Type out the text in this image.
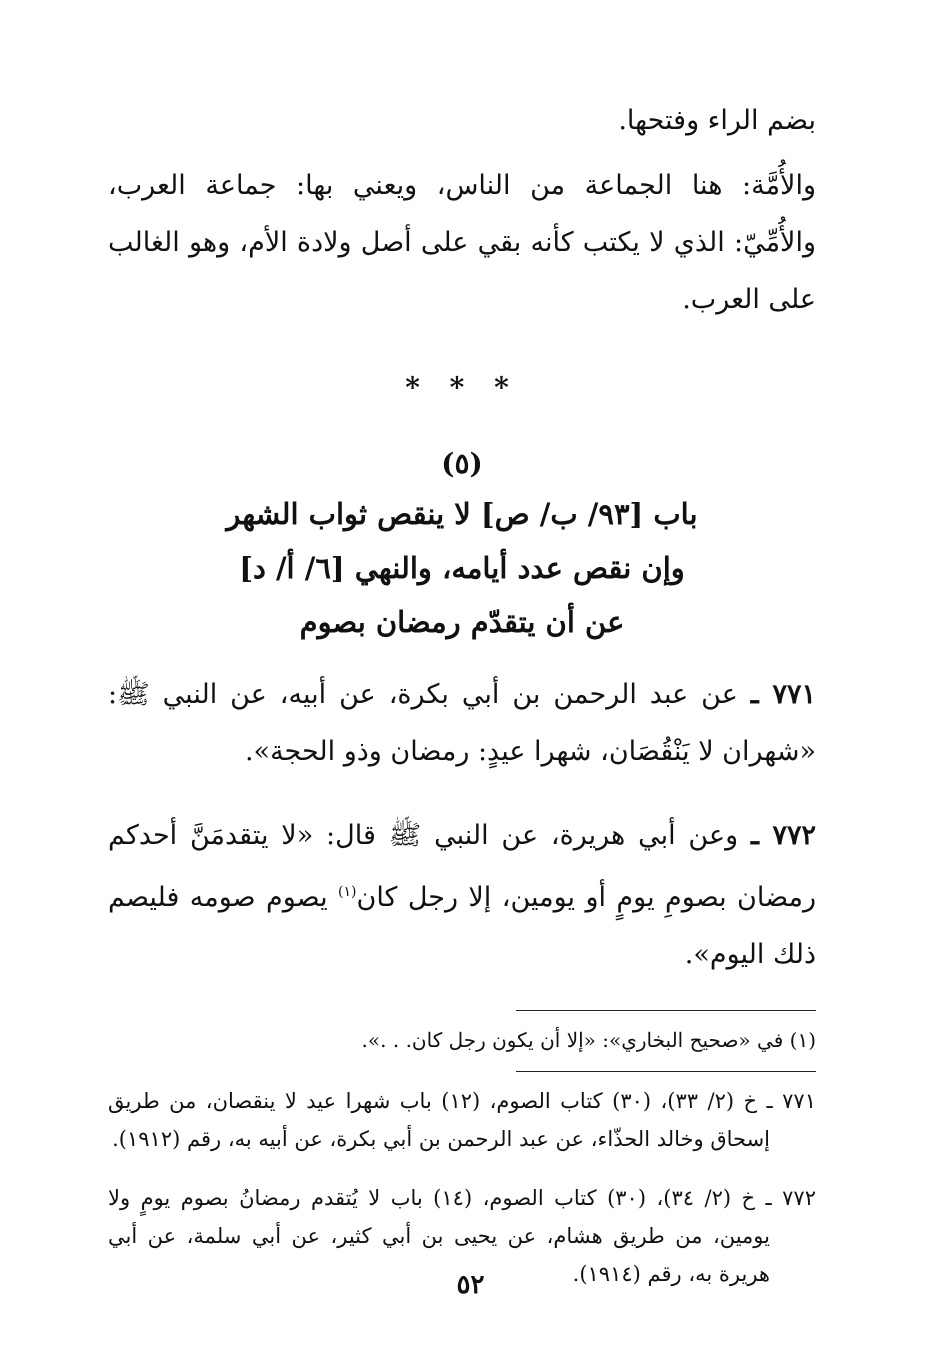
بضم الراء وفتحها.

والأُمَّة: هنا الجماعة من الناس، ويعني بها: جماعة العرب، والأُمِّيّ: الذي لا يكتب كأنه بقي على أصل ولادة الأم، وهو الغالب على العرب.

* * *
(٥)
باب [٩٣/ ب/ ص] لا ينقص ثواب الشهر
وإن نقص عدد أيامه، والنهي [٦/ أ/ د]
عن أن يتقدّم رمضان بصوم

٧٧١ ـ عن عبد الرحمن بن أبي بكرة، عن أبيه، عن النبي ﷺ: «شهران لا يَنْقُصَان، شهرا عيدٍ: رمضان وذو الحجة».

٧٧٢ ـ وعن أبي هريرة، عن النبي ﷺ قال: «لا يتقدمَنَّ أحدكم رمضان بصومِ يومٍ أو يومين، إلا رجل كان$^{(١)}$ يصوم صومه فليصم ذلك اليوم».

(١) في «صحيح البخاري»: «إلا أن يكون رجل كان. . .».

٧٧١ ـ خ (٢/ ٣٣)، (٣٠) كتاب الصوم، (١٢) باب شهرا عيد لا ينقصان، من طريق إسحاق وخالد الحذّاء، عن عبد الرحمن بن أبي بكرة، عن أبيه به، رقم (١٩١٢).

٧٧٢ ـ خ (٢/ ٣٤)، (٣٠) كتاب الصوم، (١٤) باب لا يُتقدم رمضانُ بصوم يومٍ ولا يومين، من طريق هشام، عن يحيى بن أبي كثير، عن أبي سلمة، عن أبي هريرة به، رقم (١٩١٤).

٥٢
